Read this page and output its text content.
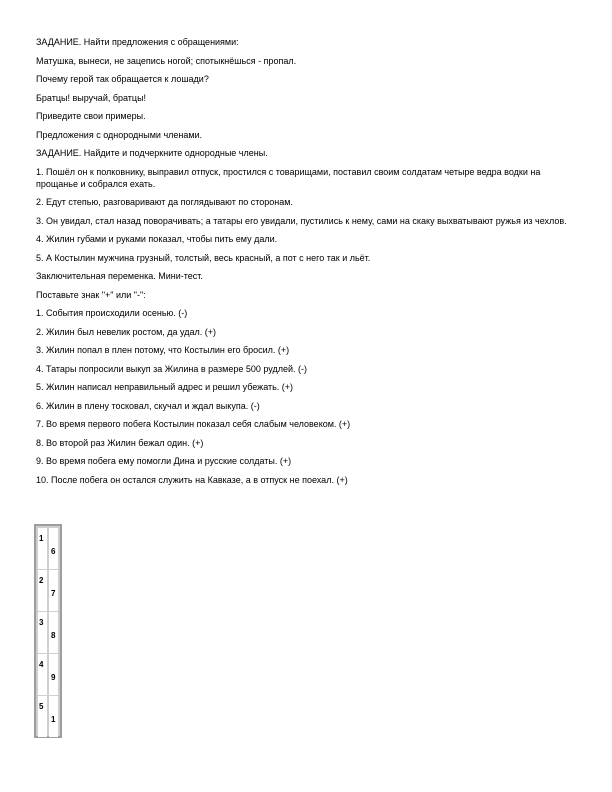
ЗАДАНИЕ. Найти предложения с обращениями:

Матушка, вынеси, не зацепись ногой; спотыкнёшься - пропал.

Почему герой так обращается к лошади?

Братцы! выручай, братцы!

Приведите свои примеры.

Предложения с однородными членами.

ЗАДАНИЕ. Найдите и подчеркните однородные члены.

1. Пошёл он к полковнику, выправил отпуск, простился с товарищами, поставил своим солдатам четыре ведра водки на прощанье и собрался ехать.

2. Едут степью, разговаривают да поглядывают по сторонам.

3. Он увидал, стал назад поворачивать; а татары его увидали, пустились к нему, сами на скаку выхватывают ружья из чехлов.

4. Жилин губами и руками показал, чтобы пить ему дали.

5. А Костылин мужчина грузный, толстый, весь красный, а пот с него так и льёт.

Заключительная переменка. Мини-тест.

Поставьте знак "+" или "-":

1. События происходили осенью. (-)

2. Жилин был невелик ростом, да удал. (+)

3. Жилин попал в плен потому, что Костылин его бросил. (+)

4. Татары попросили выкуп за Жилина в размере 500 рудлей. (-)

5. Жилин написал неправильный адрес и решил убежать. (+)

6. Жилин в плену тосковал, скучал и ждал выкупа. (-)

7. Во время первого побега Костылин показал себя слабым человеком. (+)

8. Во второй раз Жилин бежал один. (+)

9. Во время побега ему помогли Дина и русские солдаты. (+)

10. После побега он остался служить на Кавказе, а в отпуск не поехал. (+)

1
6
2
7
3
8
4
9
5
1
